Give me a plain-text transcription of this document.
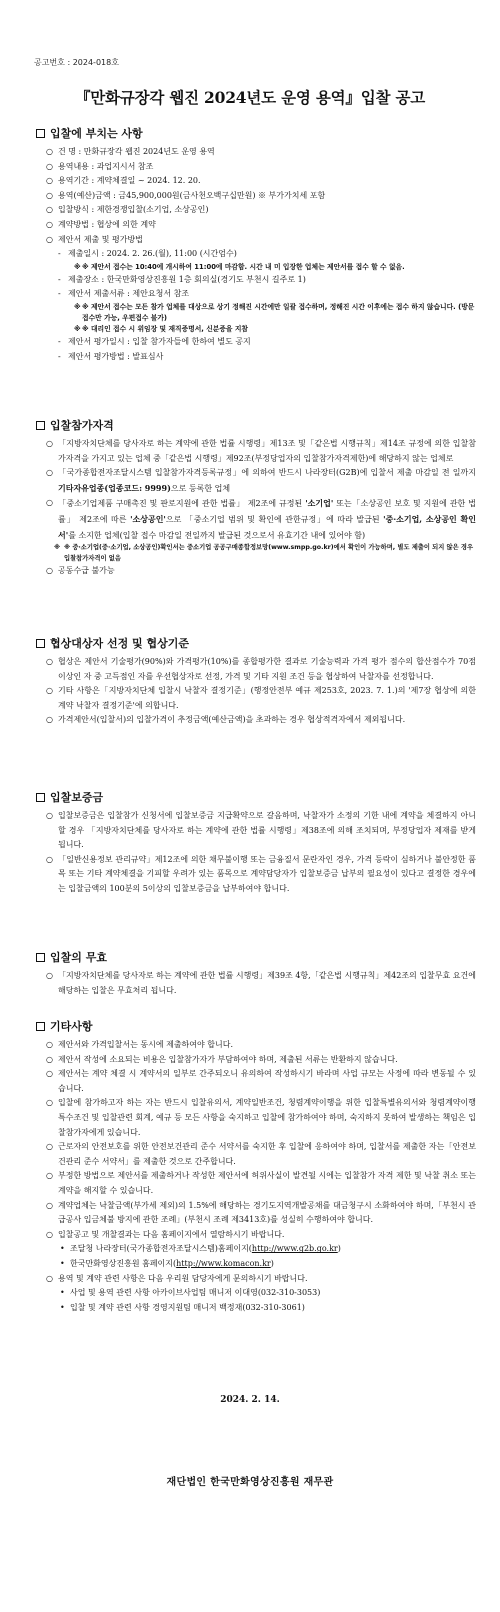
공고번호 : 2024-018호
『만화규장각 웹진 2024년도 운영 용역』입찰 공고

입찰에 부치는 사항

○ 건 명 : 만화규장각 웹진 2024년도 운영 용역
○ 용역내용 : 과업지시서 참조
○ 용역기간 : 계약체결일 ~ 2024. 12. 20.
○ 용역(예산)금액 : 금45,900,000원(금사천오백구십만원) ※ 부가가치세 포함
○ 입찰방식 : 제한경쟁입찰(소기업, 소상공인)
○ 계약방법 : 협상에 의한 계약
○ 제안서 제출 및 평가방법
- 제출일시 : 2024. 2. 26.(월), 11:00 (시간엄수)
※ ※ 제안서 접수는 10:40에 개시하여 11:00에 마감함. 시간 내 미 입장한 업체는 제안서를 접수 할 수 없음.
- 제출장소 : 한국만화영상진흥원 1층 회의실(경기도 부천시 길주로 1)
- 제안서 제출서류 : 제안요청서 참조
※ ※ 제안서 접수는 모든 참가 업체를 대상으로 상기 정해진 시간에만 일괄 접수하며, 정해진 시간 이후에는 접수 하지 않습니다. (방문접수만 가능, 우편접수 불가)
※ ※ 대리인 접수 시 위임장 및 재직증명서, 신분증을 지참
- 제안서 평가일시 : 입찰 참가자들에 한하여 별도 공지
- 제안서 평가방법 : 발표심사

입찰참가자격

○ 「지방자치단체를 당사자로 하는 계약에 관한 법률 시행령」제13조 및「같은법 시행규칙」제14조 규정에 의한 입찰참가자격을 가지고 있는 업체 중「같은법 시행령」제92조(부정당업자의 입찰참가자격제한)에 해당하지 않는 업체로
○ 「국가종합전자조달시스템 입찰참가자격등록규정」에 의하여 반드시 나라장터(G2B)에 입찰서 제출 마감일 전 일까지 기타자유업종(업종코드: 9999)으로 등록한 업체
○ 「중소기업제품 구매촉진 및 판로지원에 관한 법률」 제2조에 규정된 '소기업' 또는「소상공인 보호 및 지원에 관한 법률」 제2조에 따른 '소상공인'으로 「중소기업 범위 및 확인에 관한규정」에 따라 발급된 '중·소기업, 소상공인 확인서'를 소지한 업체(입찰 접수 마감일 전일까지 발급된 것으로서 유효기간 내에 있어야 함)
※ ※ 중·소기업(중·소기업, 소상공인)확인서는 중소기업 공공구매종합정보망(www.smpp.go.kr)에서 확인이 가능하며, 별도 제출이 되지 않은 경우 입찰참가자격이 없음
○ 공동수급 불가능

협상대상자 선정 및 협상기준

○ 협상은 제안서 기술평가(90%)와 가격평가(10%)를 종합평가한 결과로 기술능력과 가격 평가 점수의 합산점수가 70점 이상인 자 중 고득점인 자를 우선협상자로 선정, 가격 및 기타 지원 조건 등을 협상하여 낙찰자를 선정합니다.
○ 기타 사항은「지방자치단체 입찰시 낙찰자 결정기준」(행정안전부 예규 제253호, 2023. 7. 1.)의 '제7장 협상에 의한 계약 낙찰자 결정기준'에 의합니다.
○ 가격제안서(입찰서)의 입찰가격이 추정금액(예산금액)을 초과하는 경우 협상적격자에서 제외됩니다.

입찰보증금

○ 입찰보증금은 입찰참가 신청서에 입찰보증금 지급확약으로 갈음하며, 낙찰자가 소정의 기한 내에 계약을 체결하지 아니할 경우 「지방자치단체를 당사자로 하는 계약에 관한 법률 시행령」제38조에 의해 조치되며, 부정당업자 제재를 받게 됩니다.
○ 「일반신용정보 관리규약」제12조에 의한 채무불이행 또는 금융질서 문란자인 경우, 가격 등락이 심하거나 불안정한 품목 또는 기타 계약체결을 기피할 우려가 있는 품목으로 계약담당자가 입찰보증금 납부의 필요성이 있다고 결정한 경우에는 입찰금액의 100분의 5이상의 입찰보증금을 납부하여야 합니다.

입찰의 무효

○ 「지방자치단체를 당사자로 하는 계약에 관한 법률 시행령」제39조 4항,「같은법 시행규칙」제42조의 입찰무효 요건에 해당하는 입찰은 무효처리 됩니다.

기타사항

○ 제안서와 가격입찰서는 동시에 제출하여야 합니다.
○ 제안서 작성에 소요되는 비용은 입찰참가자가 부담하여야 하며, 제출된 서류는 반환하지 않습니다.
○ 제안서는 계약 체결 시 계약서의 일부로 간주되오니 유의하여 작성하시기 바라며 사업 규모는 사정에 따라 변동될 수 있습니다.
○ 입찰에 참가하고자 하는 자는 반드시 입찰유의서, 계약일반조건, 청렴계약이행을 위한 입찰특별유의서와 청렴계약이행 특수조건 및 입찰관련 회계, 예규 등 모든 사항을 숙지하고 입찰에 참가하여야 하며, 숙지하지 못하여 발생하는 책임은 입찰참가자에게 있습니다.
○ 근로자의 안전보호를 위한 안전보건관리 준수 서약서를 숙지한 후 입찰에 응하여야 하며, 입찰서를 제출한 자는「안전보건관리 준수 서약서」를 제출한 것으로 간주합니다.
○ 부정한 방법으로 제안서를 제출하거나 작성한 제안서에 허위사실이 발견될 시에는 입찰참가 자격 제한 및 낙찰 취소 또는 계약을 해지할 수 있습니다.
○ 계약업체는 낙찰금액(부가세 제외)의 1.5%에 해당하는 경기도지역개발공채를 대금청구시 소화하여야 하며,「부천시 관급공사 입금체불 방지에 관한 조례」(부천시 조례 제3413호)를 성실히 수행하여야 합니다.
○ 입찰공고 및 개찰결과는 다음 홈페이지에서 열람하시기 바랍니다.
• 조달청 나라장터(국가종합전자조달시스템)홈페이지(http://www.g2b.go.kr)
• 한국만화영상진흥원 홈페이지(http://www.komacon.kr)
○ 용역 및 계약 관련 사항은 다음 우리원 담당자에게 문의하시기 바랍니다.
• 사업 및 용역 관련 사항 아카이브사업팀 매니저 이대영(032-310-3053)
• 입찰 및 계약 관련 사항 경영지원팀 매니저 백정재(032-310-3061)
2024. 2. 14.
재단법인 한국만화영상진흥원 재무관
